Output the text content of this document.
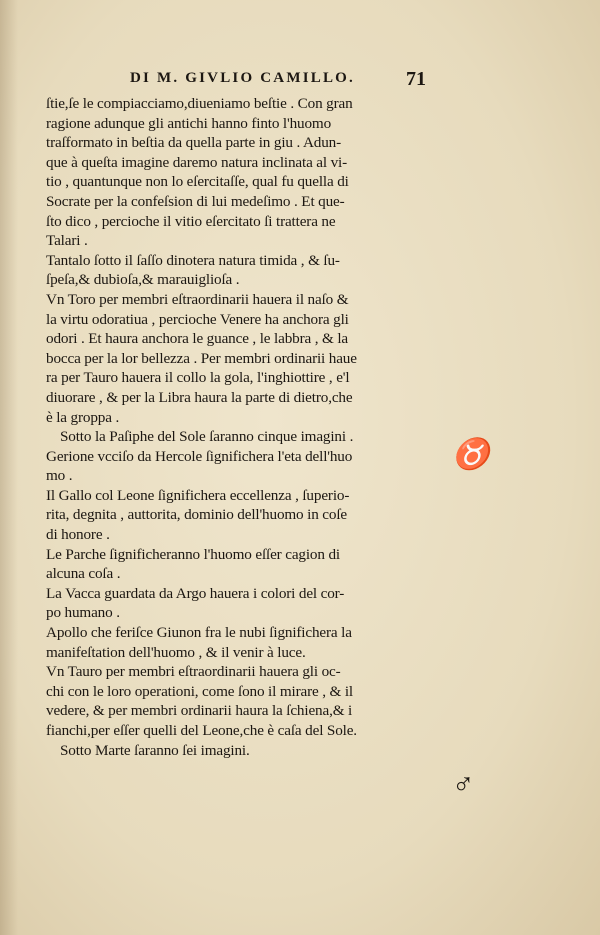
DI M. GIVLIO CAMILLO.	71
ſtie,ſe le compiacciamo,diueniamo beſtie . Con gran
ragione adunque gli antichi hanno finto l'huomo
traſformato in beſtia da quella parte in giu . Adun-
que à queſta imagine daremo natura inclinata al vi-
tio , quantunque non lo eſercitaſſe, qual fu quella di
Socrate per la confeſsion di lui medeſimo . Et que-
ſto dico , percioche il vitio eſercitato ſi trattera ne
Talari .
Tantalo ſotto il ſaſſo dinotera natura timida , & ſu-
ſpeſa,& dubioſa,& marauiglioſa .
Vn Toro per membri eſtraordinarii hauera il naſo &
la virtu odoratiua , percioche Venere ha anchora gli
odori . Et haura anchora le guance , le labbra , & la
bocca per la lor bellezza . Per membri ordinarii haue
ra per Tauro hauera il collo la gola, l'inghiottire , e'l
diuorare , & per la Libra haura la parte di dietro,che
è la groppa .
Sotto la Paſiphe del Sole ſaranno cinque imagini .
Gerione vcciſo da Hercole ſignifichera l'eta dell'huo
mo .
Il Gallo col Leone ſignifichera eccellenza , ſuperio-
rita, degnita , auttorita, dominio dell'huomo in coſe
di honore .
Le Parche ſignificheranno l'huomo eſſer cagion di
alcuna coſa .
La Vacca guardata da Argo hauera i colori del cor-
po humano .
Apollo che feriſce Giunon fra le nubi ſignifichera la
manifeſtation dell'huomo , & il venir à luce.
Vn Tauro per membri eſtraordinarii hauera gli oc-
chi con le loro operationi, come ſono il mirare , & il
vedere, & per membri ordinarii haura la ſchiena,& i
fianchi,per eſſer quelli del Leone,che è caſa del Sole.
Sotto Marte ſaranno ſei imagini.
♉
♂
